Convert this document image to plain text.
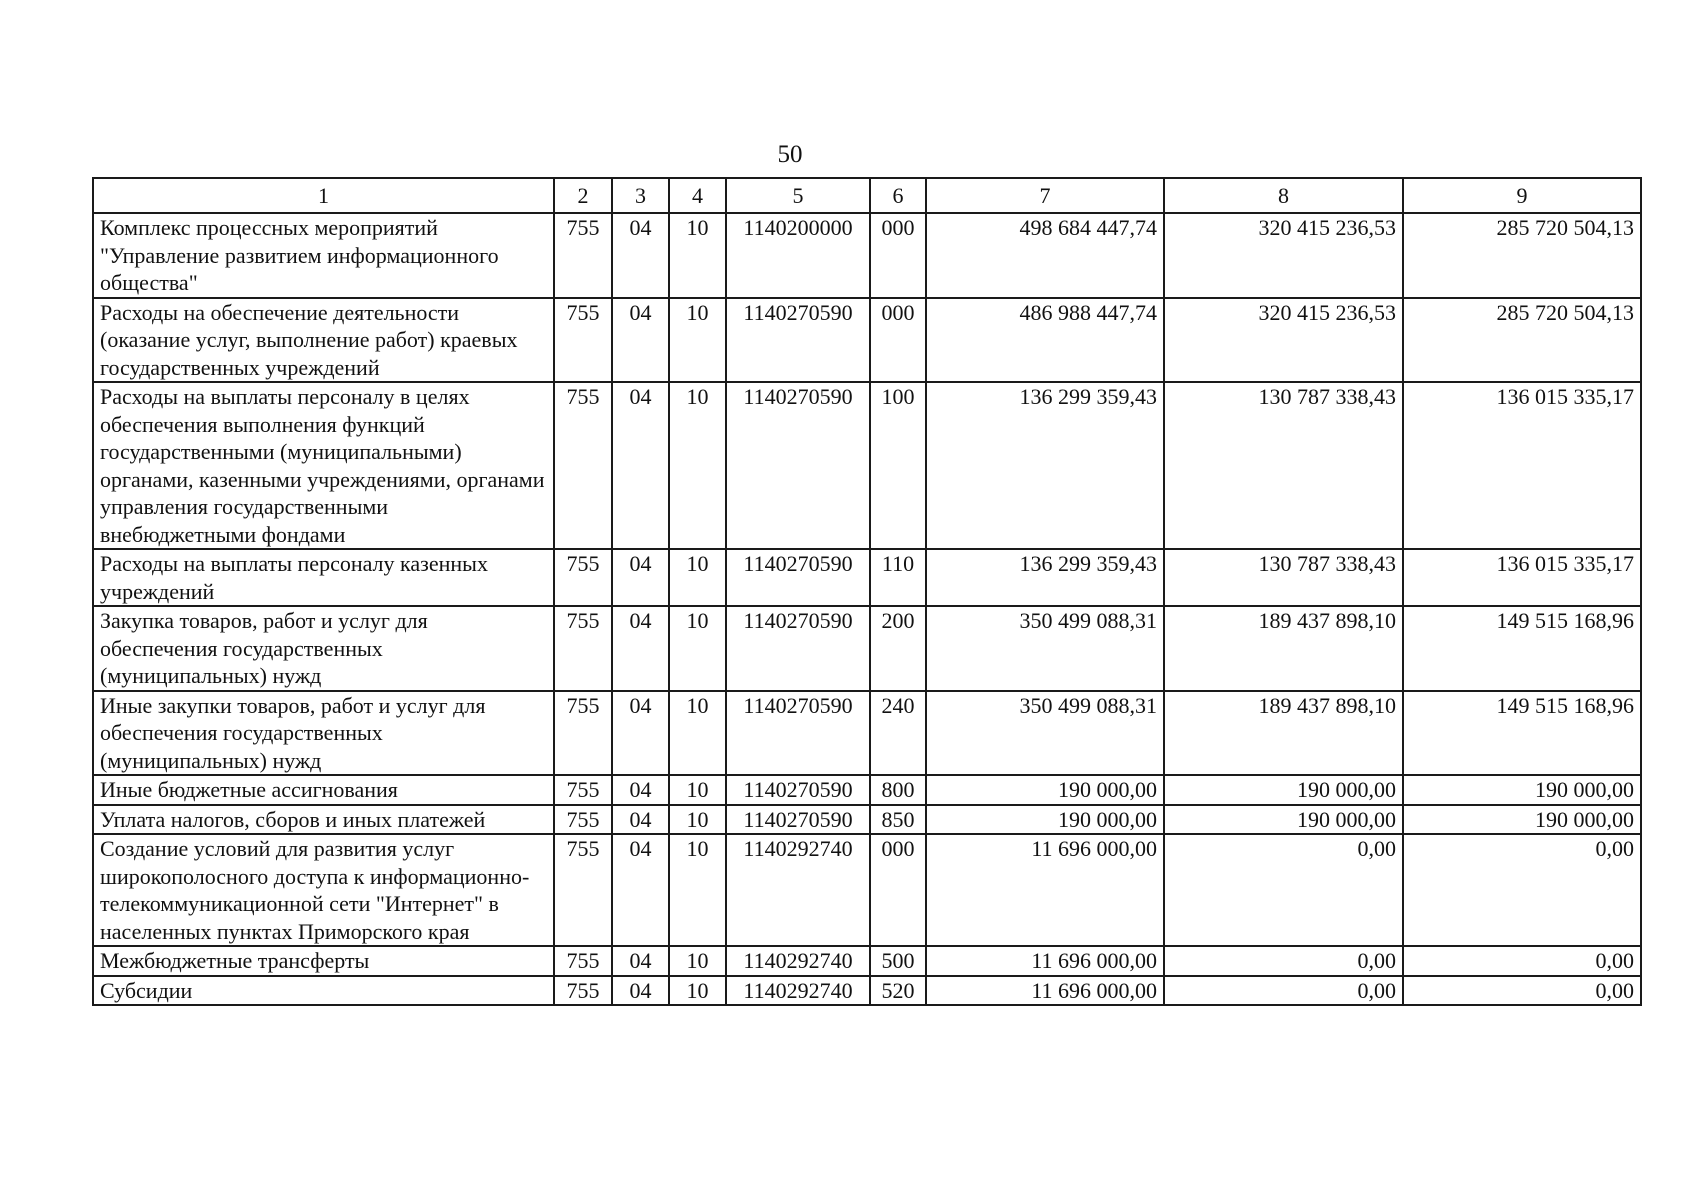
50
1	2	3	4	5	6	7	8	9
Комплекс процессных мероприятий "Управление развитием информационного общества"	755	04	10	1140200000	000	498 684 447,74	320 415 236,53	285 720 504,13
Расходы на обеспечение деятельности (оказание услуг, выполнение работ) краевых государственных учреждений	755	04	10	1140270590	000	486 988 447,74	320 415 236,53	285 720 504,13
Расходы на выплаты персоналу в целях обеспечения выполнения функций государственными (муниципальными) органами, казенными учреждениями, органами управления государственными внебюджетными фондами	755	04	10	1140270590	100	136 299 359,43	130 787 338,43	136 015 335,17
Расходы на выплаты персоналу казенных учреждений	755	04	10	1140270590	110	136 299 359,43	130 787 338,43	136 015 335,17
Закупка товаров, работ и услуг для обеспечения государственных (муниципальных) нужд	755	04	10	1140270590	200	350 499 088,31	189 437 898,10	149 515 168,96
Иные закупки товаров, работ и услуг для обеспечения государственных (муниципальных) нужд	755	04	10	1140270590	240	350 499 088,31	189 437 898,10	149 515 168,96
Иные бюджетные ассигнования	755	04	10	1140270590	800	190 000,00	190 000,00	190 000,00
Уплата налогов, сборов и иных платежей	755	04	10	1140270590	850	190 000,00	190 000,00	190 000,00
Создание условий для развития услуг широкополосного доступа к информационно-телекоммуникационной сети "Интернет" в населенных пунктах Приморского края	755	04	10	1140292740	000	11 696 000,00	0,00	0,00
Межбюджетные трансферты	755	04	10	1140292740	500	11 696 000,00	0,00	0,00
Субсидии	755	04	10	1140292740	520	11 696 000,00	0,00	0,00
